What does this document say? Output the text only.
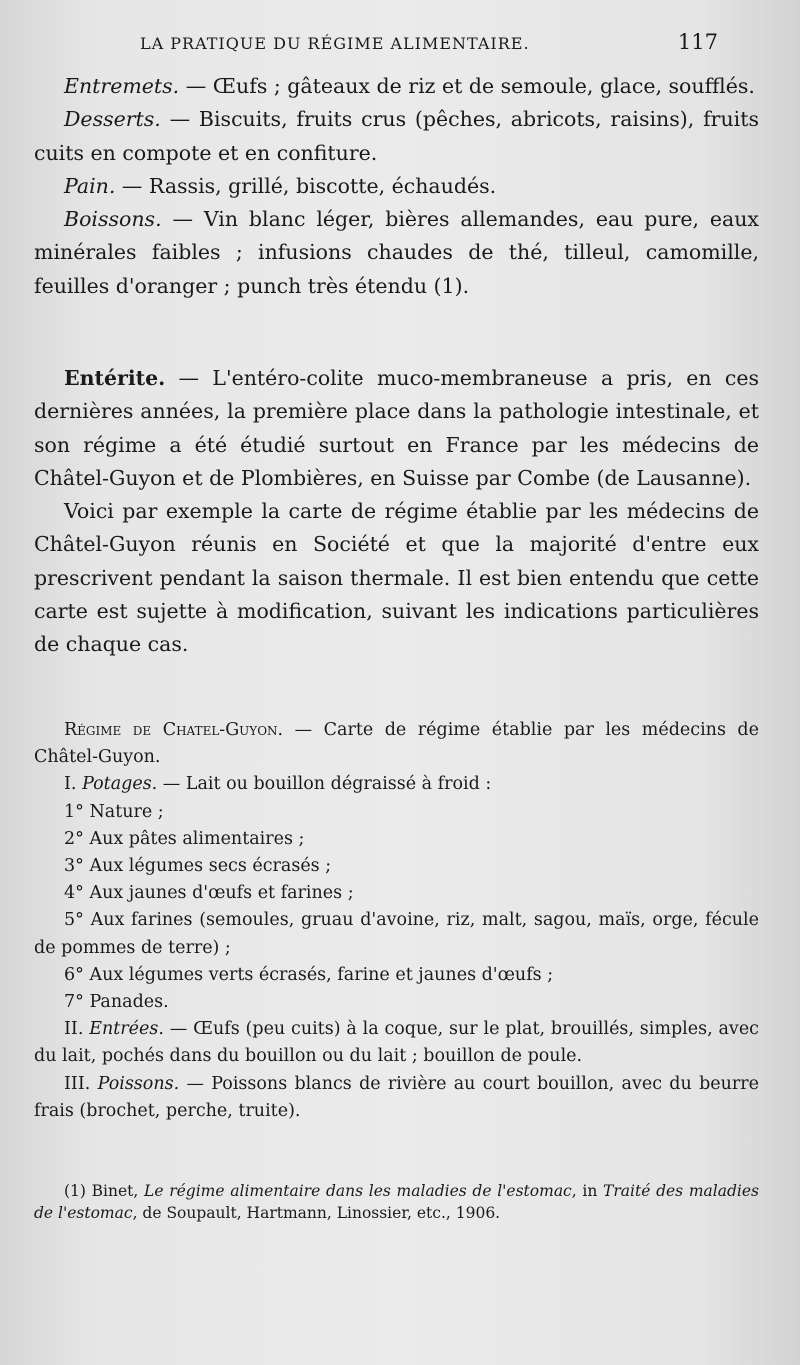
LA PRATIQUE DU RÉGIME ALIMENTAIRE.	117

Entremets. — Œufs ; gâteaux de riz et de semoule, glace, soufflés.

Desserts. — Biscuits, fruits crus (pêches, abricots, raisins), fruits cuits en compote et en confiture.

Pain. — Rassis, grillé, biscotte, échaudés.

Boissons. — Vin blanc léger, bières allemandes, eau pure, eaux minérales faibles ; infusions chaudes de thé, tilleul, camomille, feuilles d'oranger ; punch très étendu (1).

Entérite. — L'entéro-colite muco-membraneuse a pris, en ces dernières années, la première place dans la pathologie intestinale, et son régime a été étudié surtout en France par les médecins de Châtel-Guyon et de Plombières, en Suisse par Combe (de Lausanne).

Voici par exemple la carte de régime établie par les médecins de Châtel-Guyon réunis en Société et que la majorité d'entre eux prescrivent pendant la saison thermale. Il est bien entendu que cette carte est sujette à modification, suivant les indications particulières de chaque cas.

Régime de Chatel-Guyon. — Carte de régime établie par les médecins de Châtel-Guyon.

I. Potages. — Lait ou bouillon dégraissé à froid :

1° Nature ;

2° Aux pâtes alimentaires ;

3° Aux légumes secs écrasés ;

4° Aux jaunes d'œufs et farines ;

5° Aux farines (semoules, gruau d'avoine, riz, malt, sagou, maïs, orge, fécule de pommes de terre) ;

6° Aux légumes verts écrasés, farine et jaunes d'œufs ;

7° Panades.

II. Entrées. — Œufs (peu cuits) à la coque, sur le plat, brouillés, simples, avec du lait, pochés dans du bouillon ou du lait ; bouillon de poule.

III. Poissons. — Poissons blancs de rivière au court bouillon, avec du beurre frais (brochet, perche, truite).

(1) Binet, Le régime alimentaire dans les maladies de l'estomac, in Traité des maladies de l'estomac, de Soupault, Hartmann, Linossier, etc., 1906.
